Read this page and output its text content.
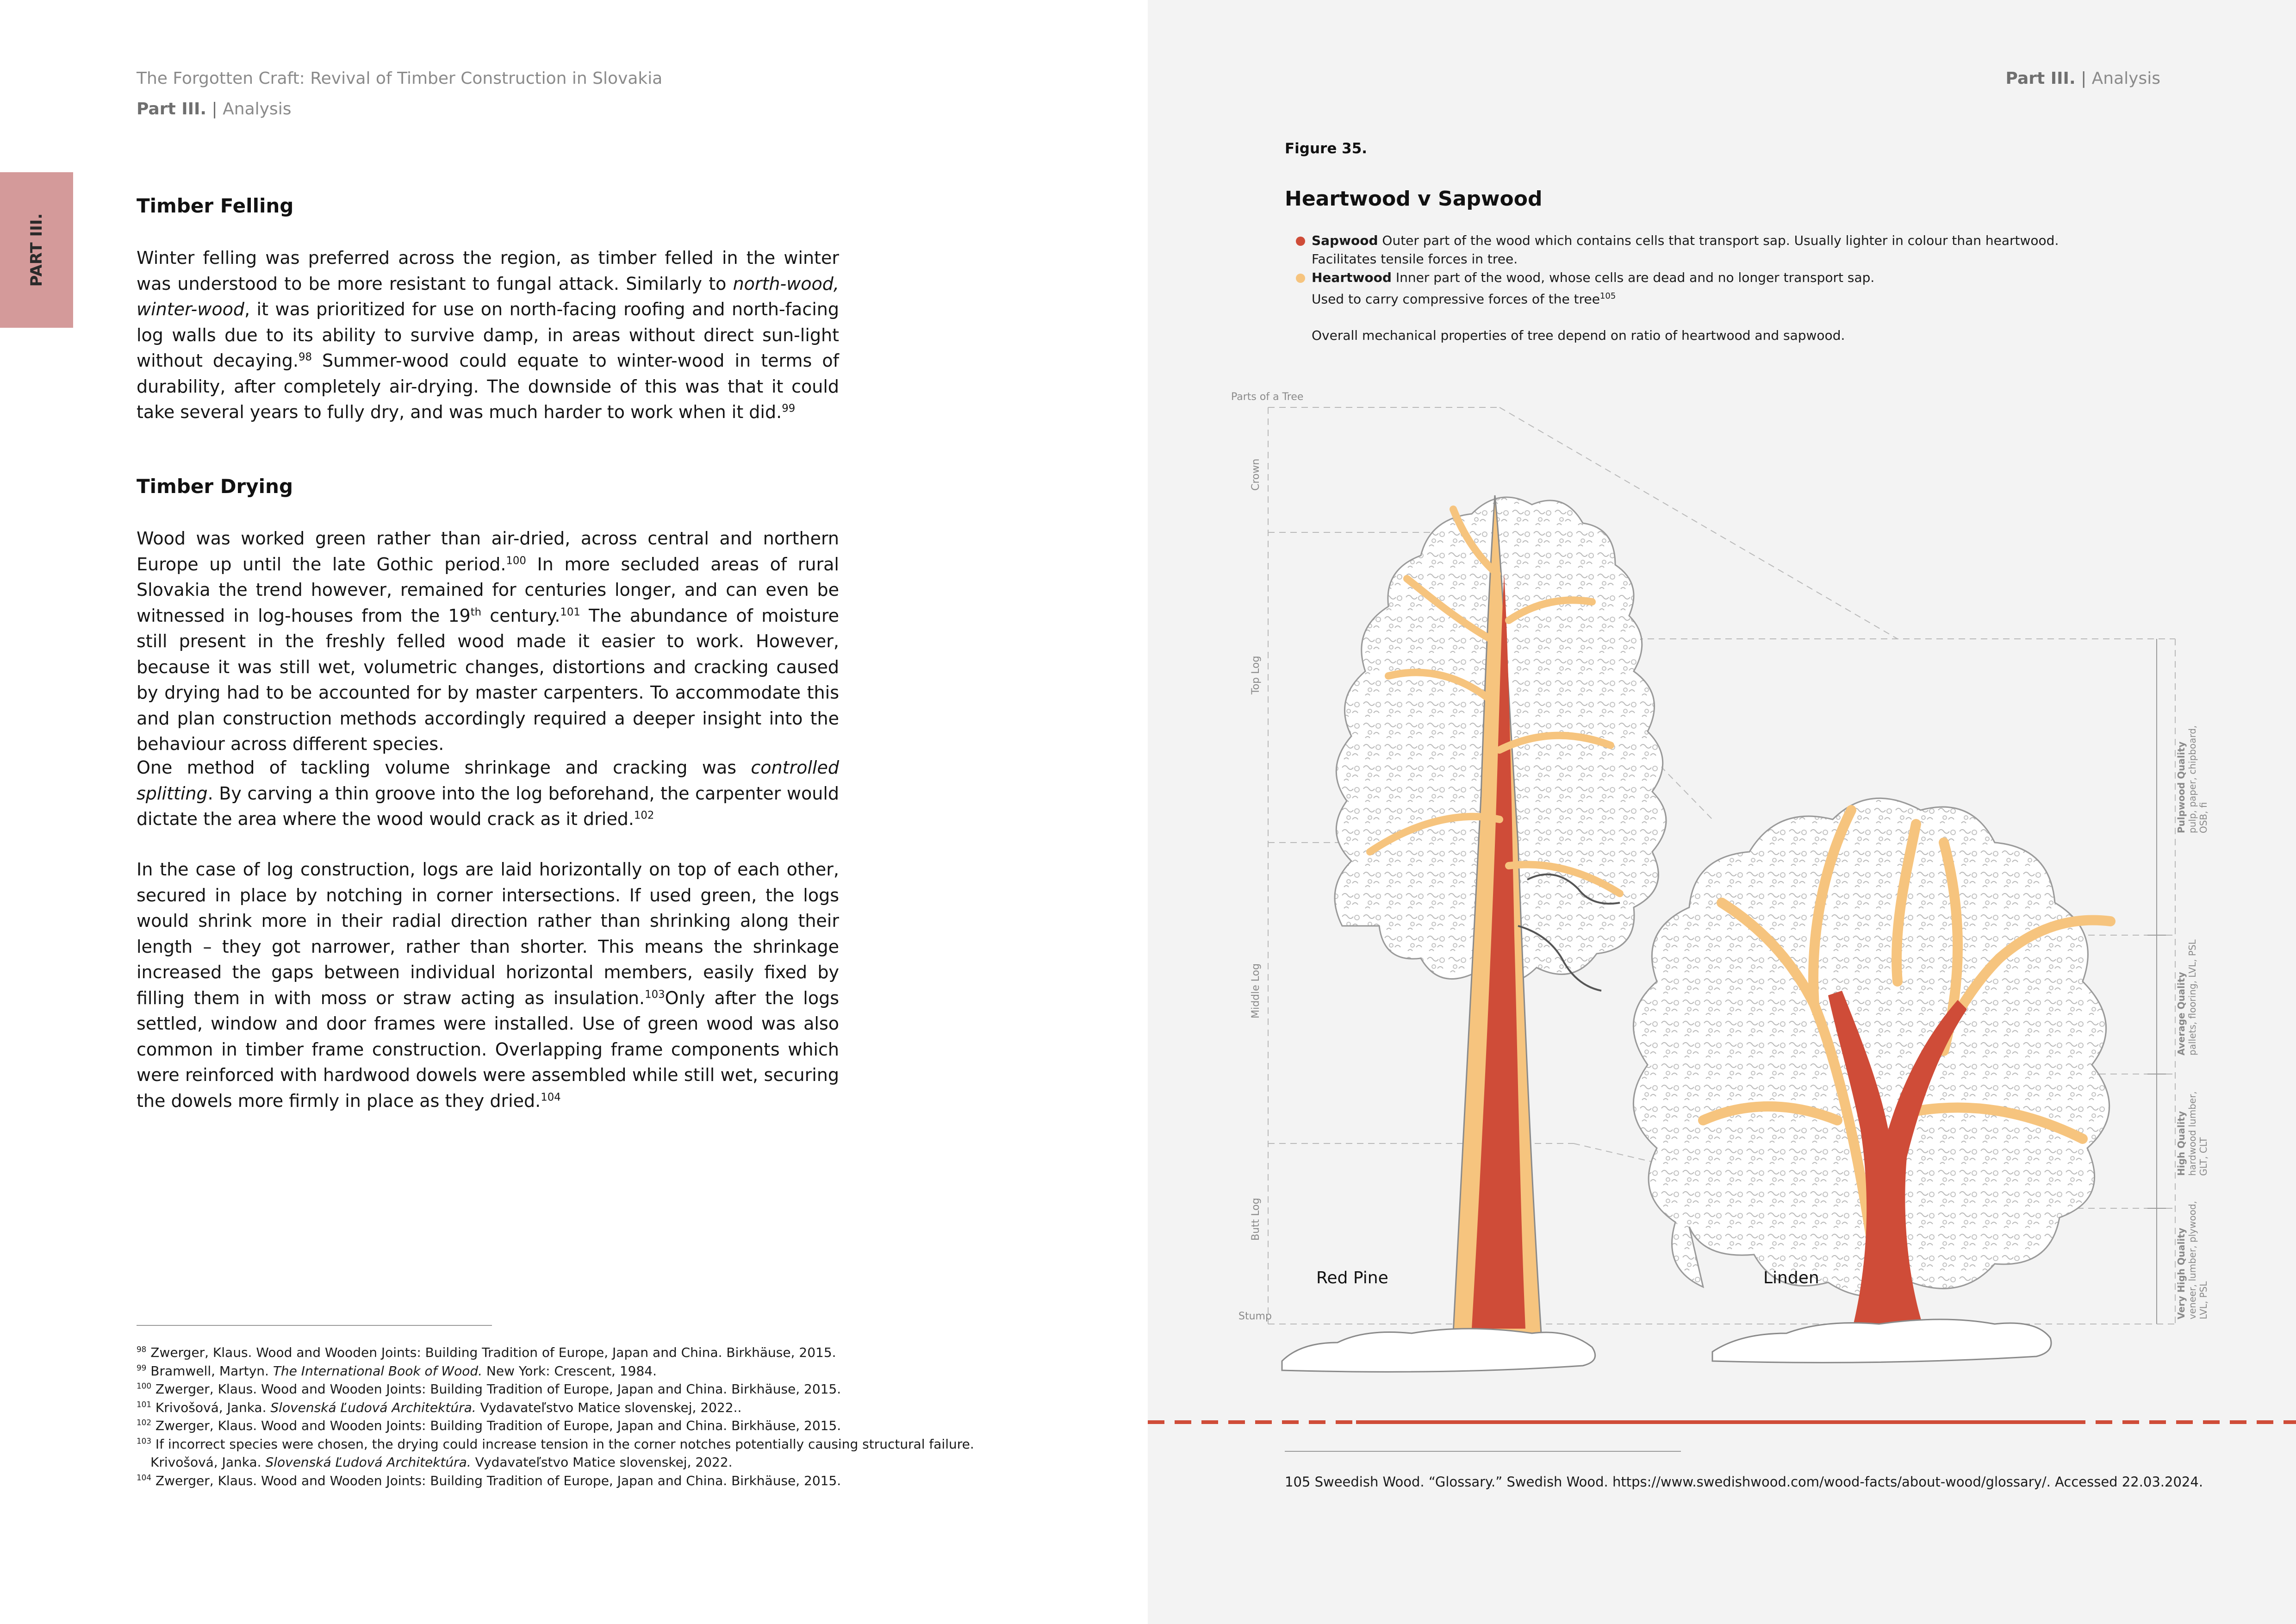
The Forgotten Craft: Revival of Timber Construction in Slovakia
Part III. | Analysis
PART III.
Timber Felling

Winter felling was preferred across the region, as timber felled in the winter was understood to be more resistant to fungal attack. Similarly to north-wood, winter-wood, it was prioritized for use on north-facing roofing and north-facing log walls due to its ability to survive damp, in areas without direct sun-light without decaying.$^{98}$ Summer-wood could equate to winter-wood in terms of durability, after completely air-drying. The downside of this was that it could take several years to fully dry, and was much harder to work when it did.$^{99}$

Timber Drying

Wood was worked green rather than air-dried, across central and northern Europe up until the late Gothic period.$^{100}$ In more secluded areas of rural Slovakia the trend however, remained for centuries longer, and can even be witnessed in log-houses from the 19th century.$^{101}$ The abundance of moisture still present in the freshly felled wood made it easier to work. However, because it was still wet, volumetric changes, distortions and cracking caused by drying had to be accounted for by master carpenters. To accommodate this and plan construction methods accordingly required a deeper insight into the behaviour across different species.

One method of tackling volume shrinkage and cracking was controlled splitting. By carving a thin groove into the log beforehand, the carpenter would dictate the area where the wood would crack as it dried.$^{102}$

In the case of log construction, logs are laid horizontally on top of each other, secured in place by notching in corner intersections. If used green, the logs would shrink more in their radial direction rather than shrinking along their length – they got narrower, rather than shorter. This means the shrinkage increased the gaps between individual horizontal members, easily fixed by filling them in with moss or straw acting as insulation.$^{103}$Only after the logs settled, window and door frames were installed. Use of green wood was also common in timber frame construction. Overlapping frame components which were reinforced with hardwood dowels were assembled while still wet, securing the dowels more firmly in place as they dried.$^{104}$

$^{98}$ Zwerger, Klaus. Wood and Wooden Joints: Building Tradition of Europe, Japan and China. Birkhäuse, 2015.
$^{99}$ Bramwell, Martyn. The International Book of Wood. New York: Crescent, 1984.
$^{100}$ Zwerger, Klaus. Wood and Wooden Joints: Building Tradition of Europe, Japan and China. Birkhäuse, 2015.
$^{101}$ Krivošová, Janka. Slovenská Ľudová Architektúra. Vydavateľstvo Matice slovenskej, 2022..
$^{102}$ Zwerger, Klaus. Wood and Wooden Joints: Building Tradition of Europe, Japan and China. Birkhäuse, 2015.
$^{103}$ If incorrect species were chosen, the drying could increase tension in the corner notches potentially causing structural failure.
Krivošová, Janka. Slovenská Ľudová Architektúra. Vydavateľstvo Matice slovenskej, 2022.
$^{104}$ Zwerger, Klaus. Wood and Wooden Joints: Building Tradition of Europe, Japan and China. Birkhäuse, 2015.
Part III. | Analysis
Figure 35.
Heartwood v Sapwood
Sapwood Outer part of the wood which contains cells that transport sap. Usually lighter in colour than heartwood.
Facilitates tensile forces in tree.
Heartwood Inner part of the wood, whose cells are dead and no longer transport sap.
Used to carry compressive forces of the tree$^{105}$
Overall mechanical properties of tree depend on ratio of heartwood and sapwood.
Parts of a Tree
Crown
Top Log
Middle Log
Butt Log
Stump
Pulpwood Quality pulp, paper, chipboard, OSB, fi
Average Quality pallets, flooring, LVL, PSL
High Quality hardwood lumber, GLT, CLT
Very High Quality veneer, lumber, plywood, LVL, PSL
Red Pine	Linden
105 Sweedish Wood. “Glossary.” Swedish Wood. https://www.swedishwood.com/wood-facts/about-wood/glossary/. Accessed 22.03.2024.
